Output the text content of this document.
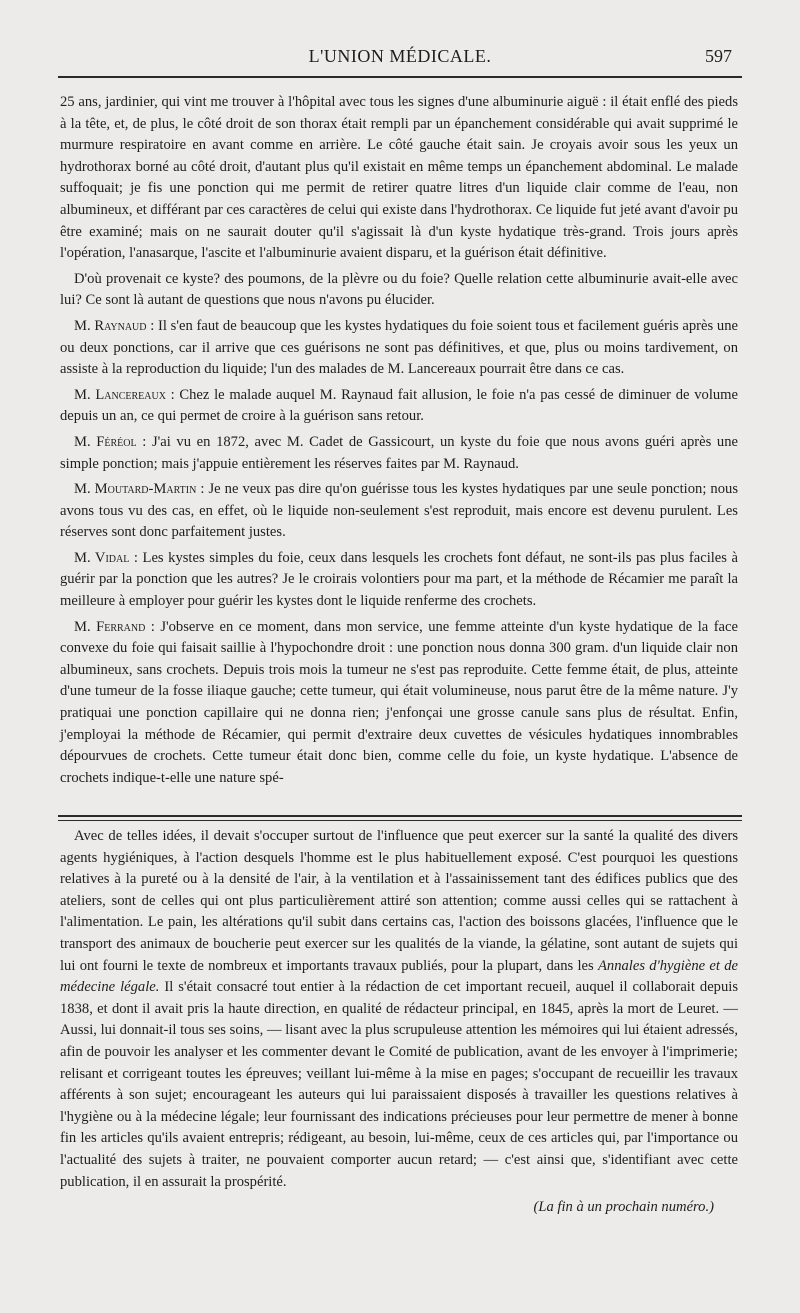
L'UNION MÉDICALE.	597

25 ans, jardinier, qui vint me trouver à l'hôpital avec tous les signes d'une albuminurie aiguë : il était enflé des pieds à la tête, et, de plus, le côté droit de son thorax était rempli par un épanchement considérable qui avait supprimé le murmure respiratoire en avant comme en arrière. Le côté gauche était sain. Je croyais avoir sous les yeux un hydrothorax borné au côté droit, d'autant plus qu'il existait en même temps un épanchement abdominal. Le malade suffoquait; je fis une ponction qui me permit de retirer quatre litres d'un liquide clair comme de l'eau, non albumineux, et différant par ces caractères de celui qui existe dans l'hydrothorax. Ce liquide fut jeté avant d'avoir pu être examiné; mais on ne saurait douter qu'il s'agissait là d'un kyste hydatique très-grand. Trois jours après l'opération, l'anasarque, l'ascite et l'albuminurie avaient disparu, et la guérison était définitive.

D'où provenait ce kyste? des poumons, de la plèvre ou du foie? Quelle relation cette albuminurie avait-elle avec lui? Ce sont là autant de questions que nous n'avons pu élucider.

M. Raynaud : Il s'en faut de beaucoup que les kystes hydatiques du foie soient tous et facilement guéris après une ou deux ponctions, car il arrive que ces guérisons ne sont pas définitives, et que, plus ou moins tardivement, on assiste à la reproduction du liquide; l'un des malades de M. Lancereaux pourrait être dans ce cas.

M. Lancereaux : Chez le malade auquel M. Raynaud fait allusion, le foie n'a pas cessé de diminuer de volume depuis un an, ce qui permet de croire à la guérison sans retour.

M. Féréol : J'ai vu en 1872, avec M. Cadet de Gassicourt, un kyste du foie que nous avons guéri après une simple ponction; mais j'appuie entièrement les réserves faites par M. Raynaud.

M. Moutard-Martin : Je ne veux pas dire qu'on guérisse tous les kystes hydatiques par une seule ponction; nous avons tous vu des cas, en effet, où le liquide non-seulement s'est reproduit, mais encore est devenu purulent. Les réserves sont donc parfaitement justes.

M. Vidal : Les kystes simples du foie, ceux dans lesquels les crochets font défaut, ne sont-ils pas plus faciles à guérir par la ponction que les autres? Je le croirais volontiers pour ma part, et la méthode de Récamier me paraît la meilleure à employer pour guérir les kystes dont le liquide renferme des crochets.

M. Ferrand : J'observe en ce moment, dans mon service, une femme atteinte d'un kyste hydatique de la face convexe du foie qui faisait saillie à l'hypochondre droit : une ponction nous donna 300 gram. d'un liquide clair non albumineux, sans crochets. Depuis trois mois la tumeur ne s'est pas reproduite. Cette femme était, de plus, atteinte d'une tumeur de la fosse iliaque gauche; cette tumeur, qui était volumineuse, nous parut être de la même nature. J'y pratiquai une ponction capillaire qui ne donna rien; j'enfonçai une grosse canule sans plus de résultat. Enfin, j'employai la méthode de Récamier, qui permit d'extraire deux cuvettes de vésicules hydatiques innombrables dépourvues de crochets. Cette tumeur était donc bien, comme celle du foie, un kyste hydatique. L'absence de crochets indique-t-elle une nature spé-

Avec de telles idées, il devait s'occuper surtout de l'influence que peut exercer sur la santé la qualité des divers agents hygiéniques, à l'action desquels l'homme est le plus habituellement exposé. C'est pourquoi les questions relatives à la pureté ou à la densité de l'air, à la ventilation et à l'assainissement tant des édifices publics que des ateliers, sont de celles qui ont plus particulièrement attiré son attention; comme aussi celles qui se rattachent à l'alimentation. Le pain, les altérations qu'il subit dans certains cas, l'action des boissons glacées, l'influence que le transport des animaux de boucherie peut exercer sur les qualités de la viande, la gélatine, sont autant de sujets qui lui ont fourni le texte de nombreux et importants travaux publiés, pour la plupart, dans les Annales d'hygiène et de médecine légale. Il s'était consacré tout entier à la rédaction de cet important recueil, auquel il collaborait depuis 1838, et dont il avait pris la haute direction, en qualité de rédacteur principal, en 1845, après la mort de Leuret. — Aussi, lui donnait-il tous ses soins, — lisant avec la plus scrupuleuse attention les mémoires qui lui étaient adressés, afin de pouvoir les analyser et les commenter devant le Comité de publication, avant de les envoyer à l'imprimerie; relisant et corrigeant toutes les épreuves; veillant lui-même à la mise en pages; s'occupant de recueillir les travaux afférents à son sujet; encourageant les auteurs qui lui paraissaient disposés à travailler les questions relatives à l'hygiène ou à la médecine légale; leur fournissant des indications précieuses pour leur permettre de mener à bonne fin les articles qu'ils avaient entrepris; rédigeant, au besoin, lui-même, ceux de ces articles qui, par l'importance ou l'actualité des sujets à traiter, ne pouvaient comporter aucun retard; — c'est ainsi que, s'identifiant avec cette publication, il en assurait la prospérité.

(La fin à un prochain numéro.)
